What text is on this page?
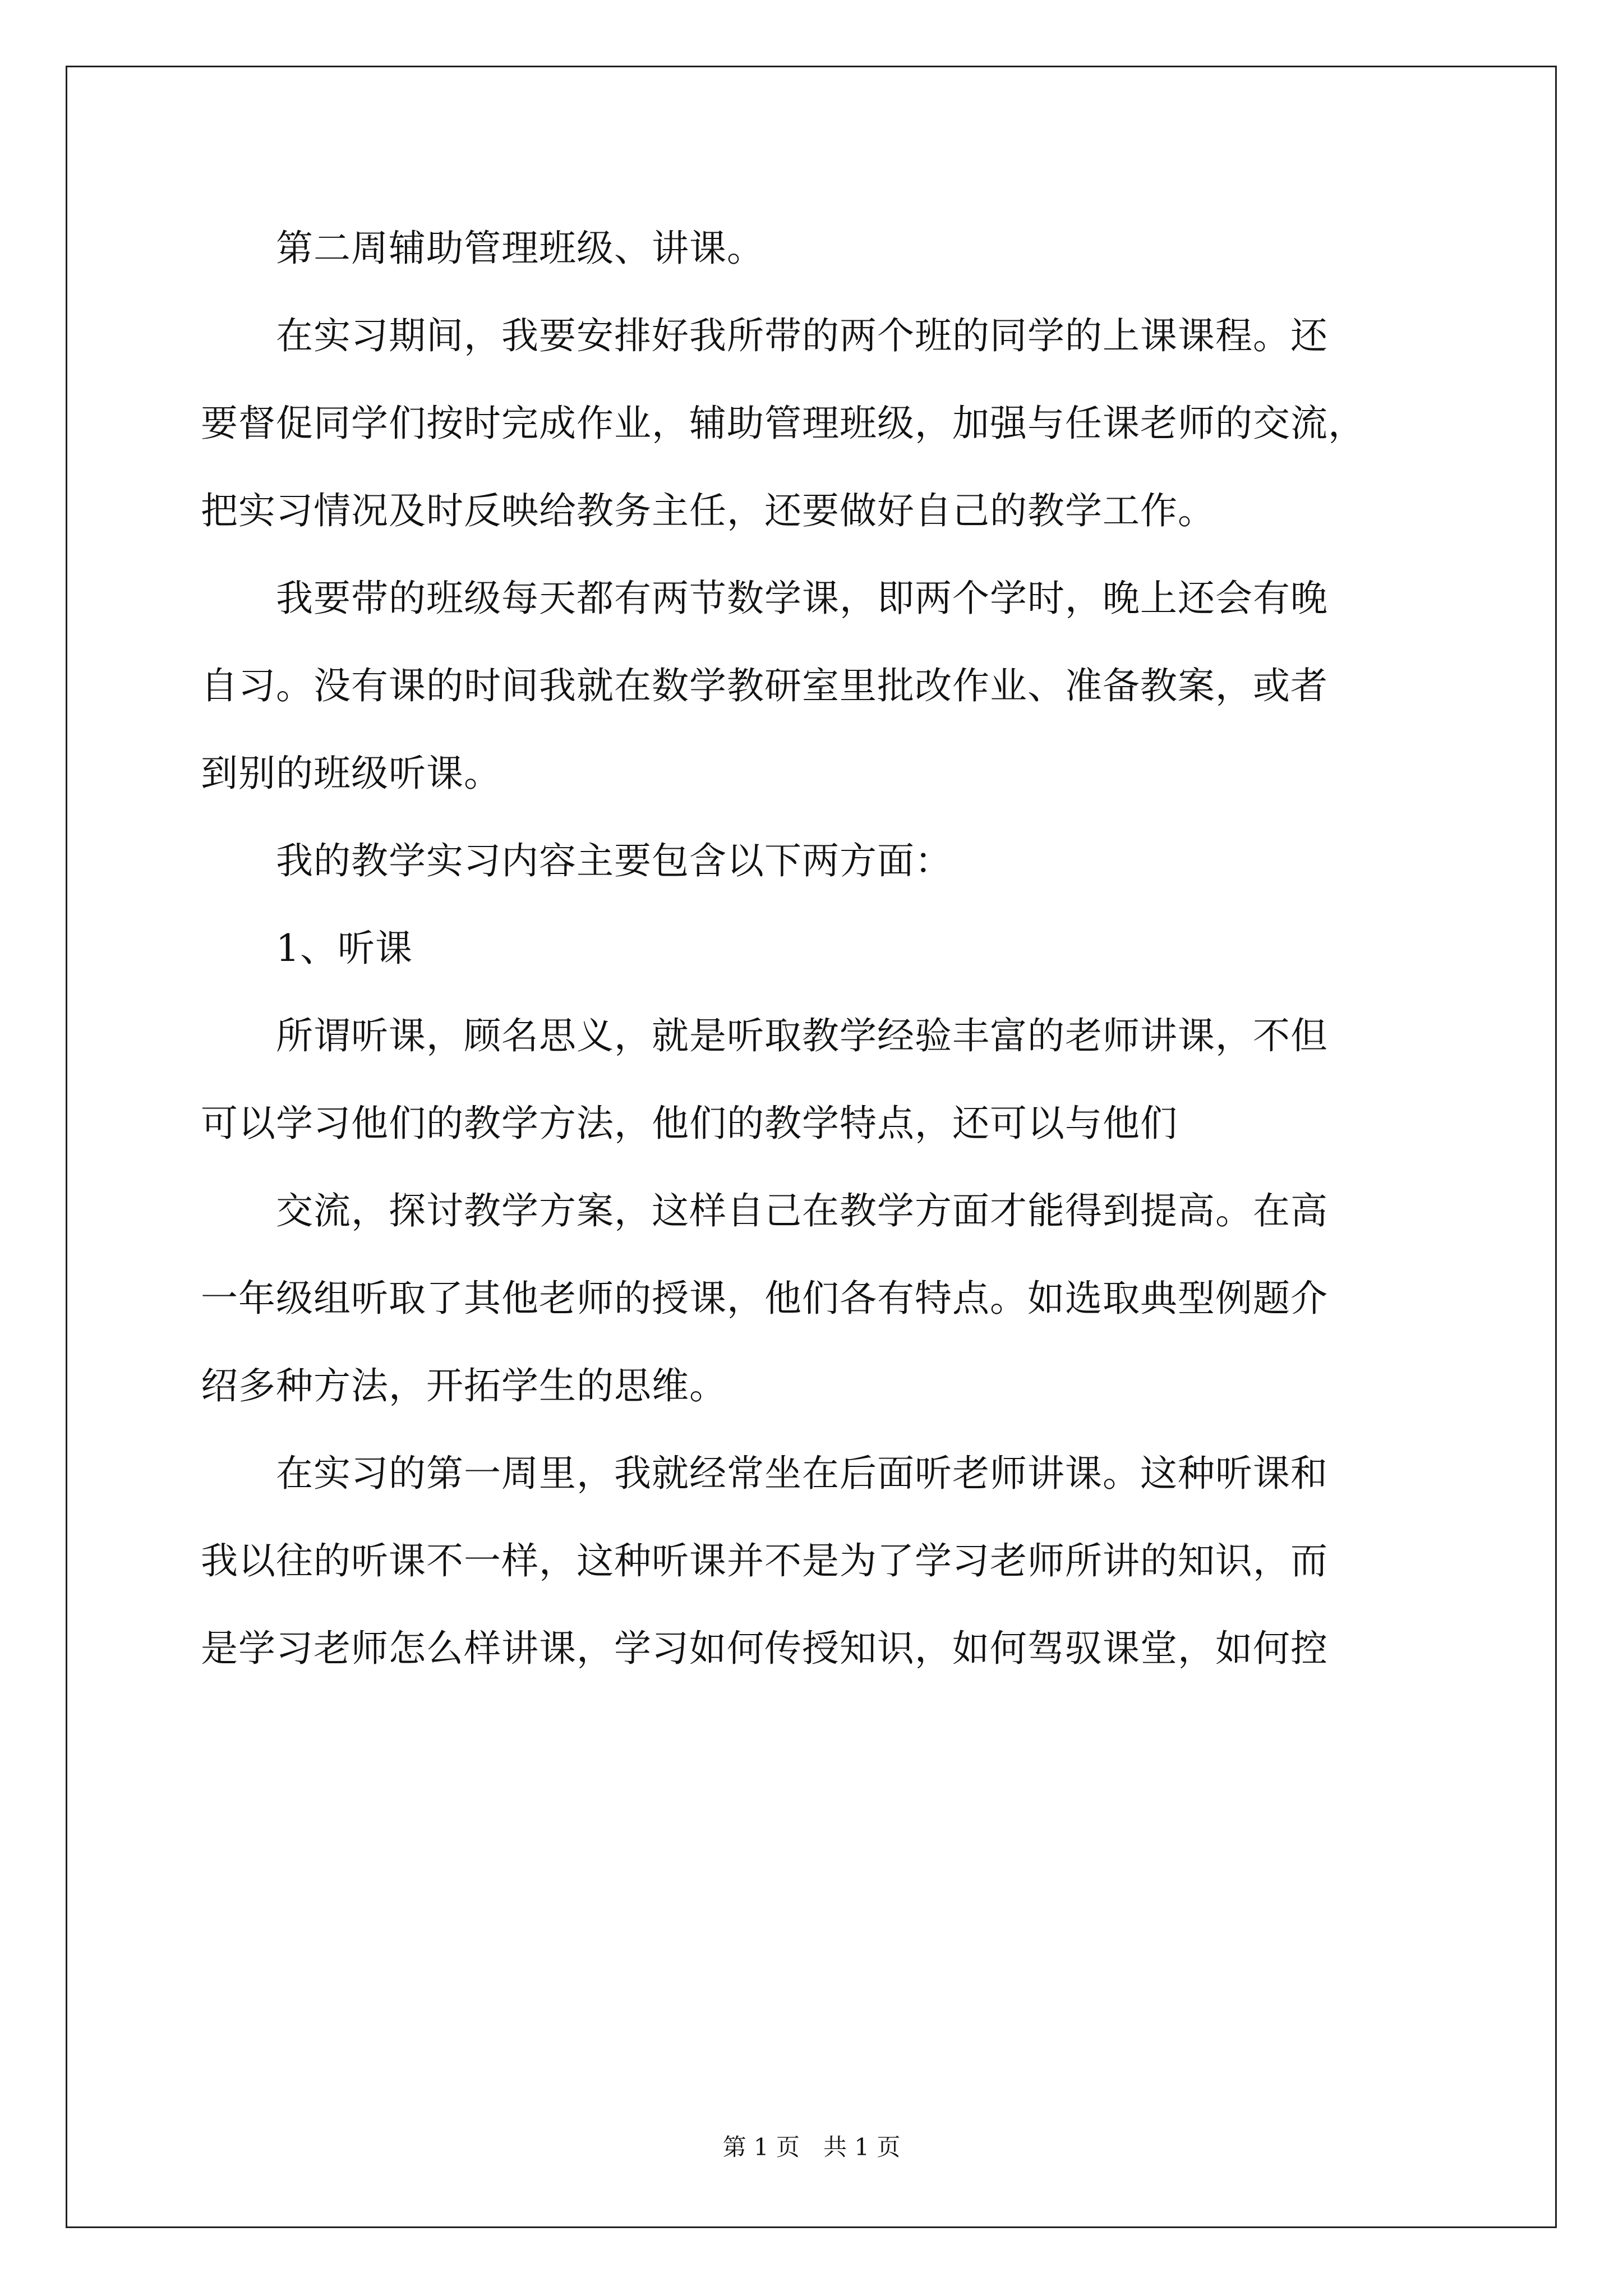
　　第二周辅助管理班级、讲课。

　　在实习期间，我要安排好我所带的两个班的同学的上课课程。还

要督促同学们按时完成作业，辅助管理班级，加强与任课老师的交流，

把实习情况及时反映给教务主任，还要做好自己的教学工作。

　　我要带的班级每天都有两节数学课，即两个学时，晚上还会有晚

自习。没有课的时间我就在数学教研室里批改作业、准备教案，或者

到别的班级听课。

　　我的教学实习内容主要包含以下两方面：

　　1、听课

　　所谓听课，顾名思义，就是听取教学经验丰富的老师讲课，不但

可以学习他们的教学方法，他们的教学特点，还可以与他们

　　交流，探讨教学方案，这样自己在教学方面才能得到提高。在高

一年级组听取了其他老师的授课，他们各有特点。如选取典型例题介

绍多种方法，开拓学生的思维。

　　在实习的第一周里，我就经常坐在后面听老师讲课。这种听课和

我以往的听课不一样，这种听课并不是为了学习老师所讲的知识，而

是学习老师怎么样讲课，学习如何传授知识，如何驾驭课堂，如何控

第 1 页　共 1 页
